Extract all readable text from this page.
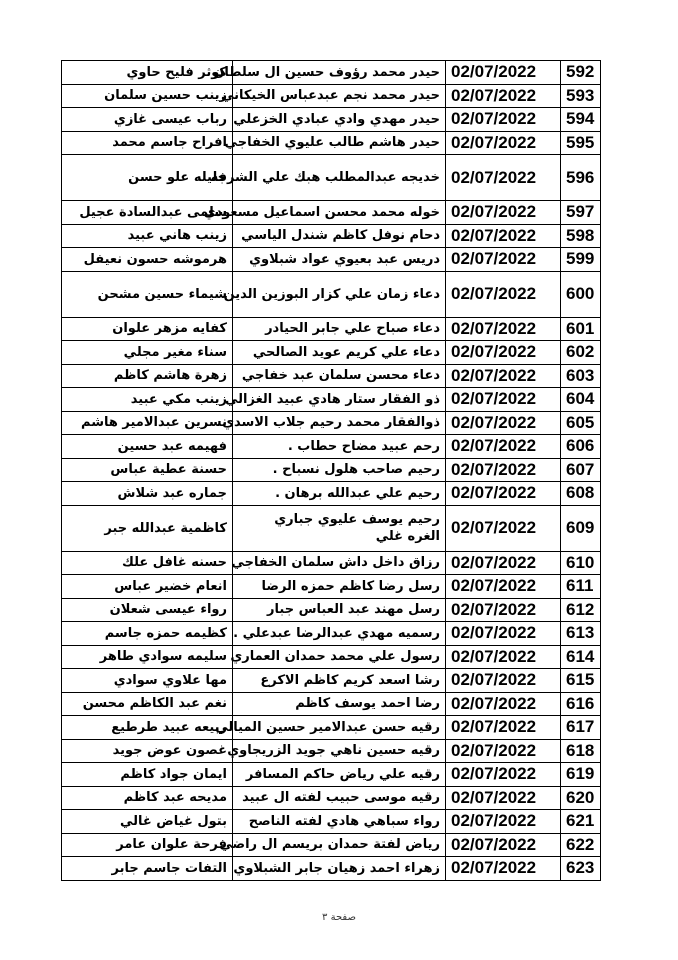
كوثر فليح حاوي	حيدر محمد رؤوف حسين ال سلطان	02/07/2022	592
زينب حسين سلمان	حيدر محمد نجم عبدعباس الخيكاني	02/07/2022	593
رباب عيسى غازي	حيدر مهدي وادي عبادي الخزعلي	02/07/2022	594
افراح جاسم محمد	حيدر هاشم طالب عليوي الخفاجي	02/07/2022	595
جليله علو حسن	خديجه عبدالمطلب هبك علي الشرفه	02/07/2022	596
سلمى عبدالسادة عجيل	خوله محمد محسن اسماعيل مسعودي	02/07/2022	597
زينب هاني عبيد	دحام نوفل كاظم شندل الياسي	02/07/2022	598
هرموشه حسون نعيفل	دريس عبد بعيوي عواد شبلاوي	02/07/2022	599
شيماء حسين مشحن	دعاء زمان علي كزار البوزين الدين	02/07/2022	600
كفايه مزهر علوان	دعاء صباح علي جابر الحيادر	02/07/2022	601
سناء مغير مجلي	دعاء علي كريم عويد الصالحي	02/07/2022	602
زهرة هاشم كاظم	دعاء محسن سلمان عبد خفاجي	02/07/2022	603
زينب مكي عبيد	ذو الفقار ستار هادي عبيد الغزالي	02/07/2022	604
نسرين عبدالامير هاشم	ذوالفقار محمد رحيم جلاب الاسدي	02/07/2022	605
فهيمه عبد حسين	رحم عبيد مضاح حطاب .	02/07/2022	606
حسنة عطية عباس	رحيم صاحب هلول نسباح .	02/07/2022	607
جماره عبد شلاش	رحيم علي عبدالله برهان .	02/07/2022	608
كاظمية عبدالله جبر	رحيم يوسف عليوي جباري الغره غلي	02/07/2022	609
حسنه غافل علك	رزاق داخل داش سلمان الخفاجي	02/07/2022	610
انعام خضير عباس	رسل رضا كاظم حمزه الرضا	02/07/2022	611
رواء عيسى شعلان	رسل مهند عبد العباس جبار	02/07/2022	612
كظيمه حمزه جاسم	رسميه مهدي عبدالرضا عبدعلي .	02/07/2022	613
سليمه سوادي طاهر	رسول علي محمد حمدان العماري	02/07/2022	614
مها علاوي سوادي	رشا اسعد كريم كاظم الاكرع	02/07/2022	615
نغم عبد الكاظم محسن	رضا احمد يوسف كاظم	02/07/2022	616
ربيعه عبيد طرطيع	رقيه حسن عبدالامير حسين الميالي	02/07/2022	617
غصون عوض جويد	رقيه حسين ناهي جويد الزريجاوي	02/07/2022	618
ايمان جواد كاظم	رقيه علي رياض حاكم المسافر	02/07/2022	619
مديحه عبد كاظم	رقيه موسى حبيب لفته ال عبيد	02/07/2022	620
بتول غياض غالي	رواء سباهي هادي لفته الناصح	02/07/2022	621
فرحة علوان عامر	رياض لفتة حمدان بريسم ال راضي	02/07/2022	622
التفات جاسم جابر	زهراء احمد زهيان جابر الشبلاوي	02/07/2022	623
صفحة ٣
